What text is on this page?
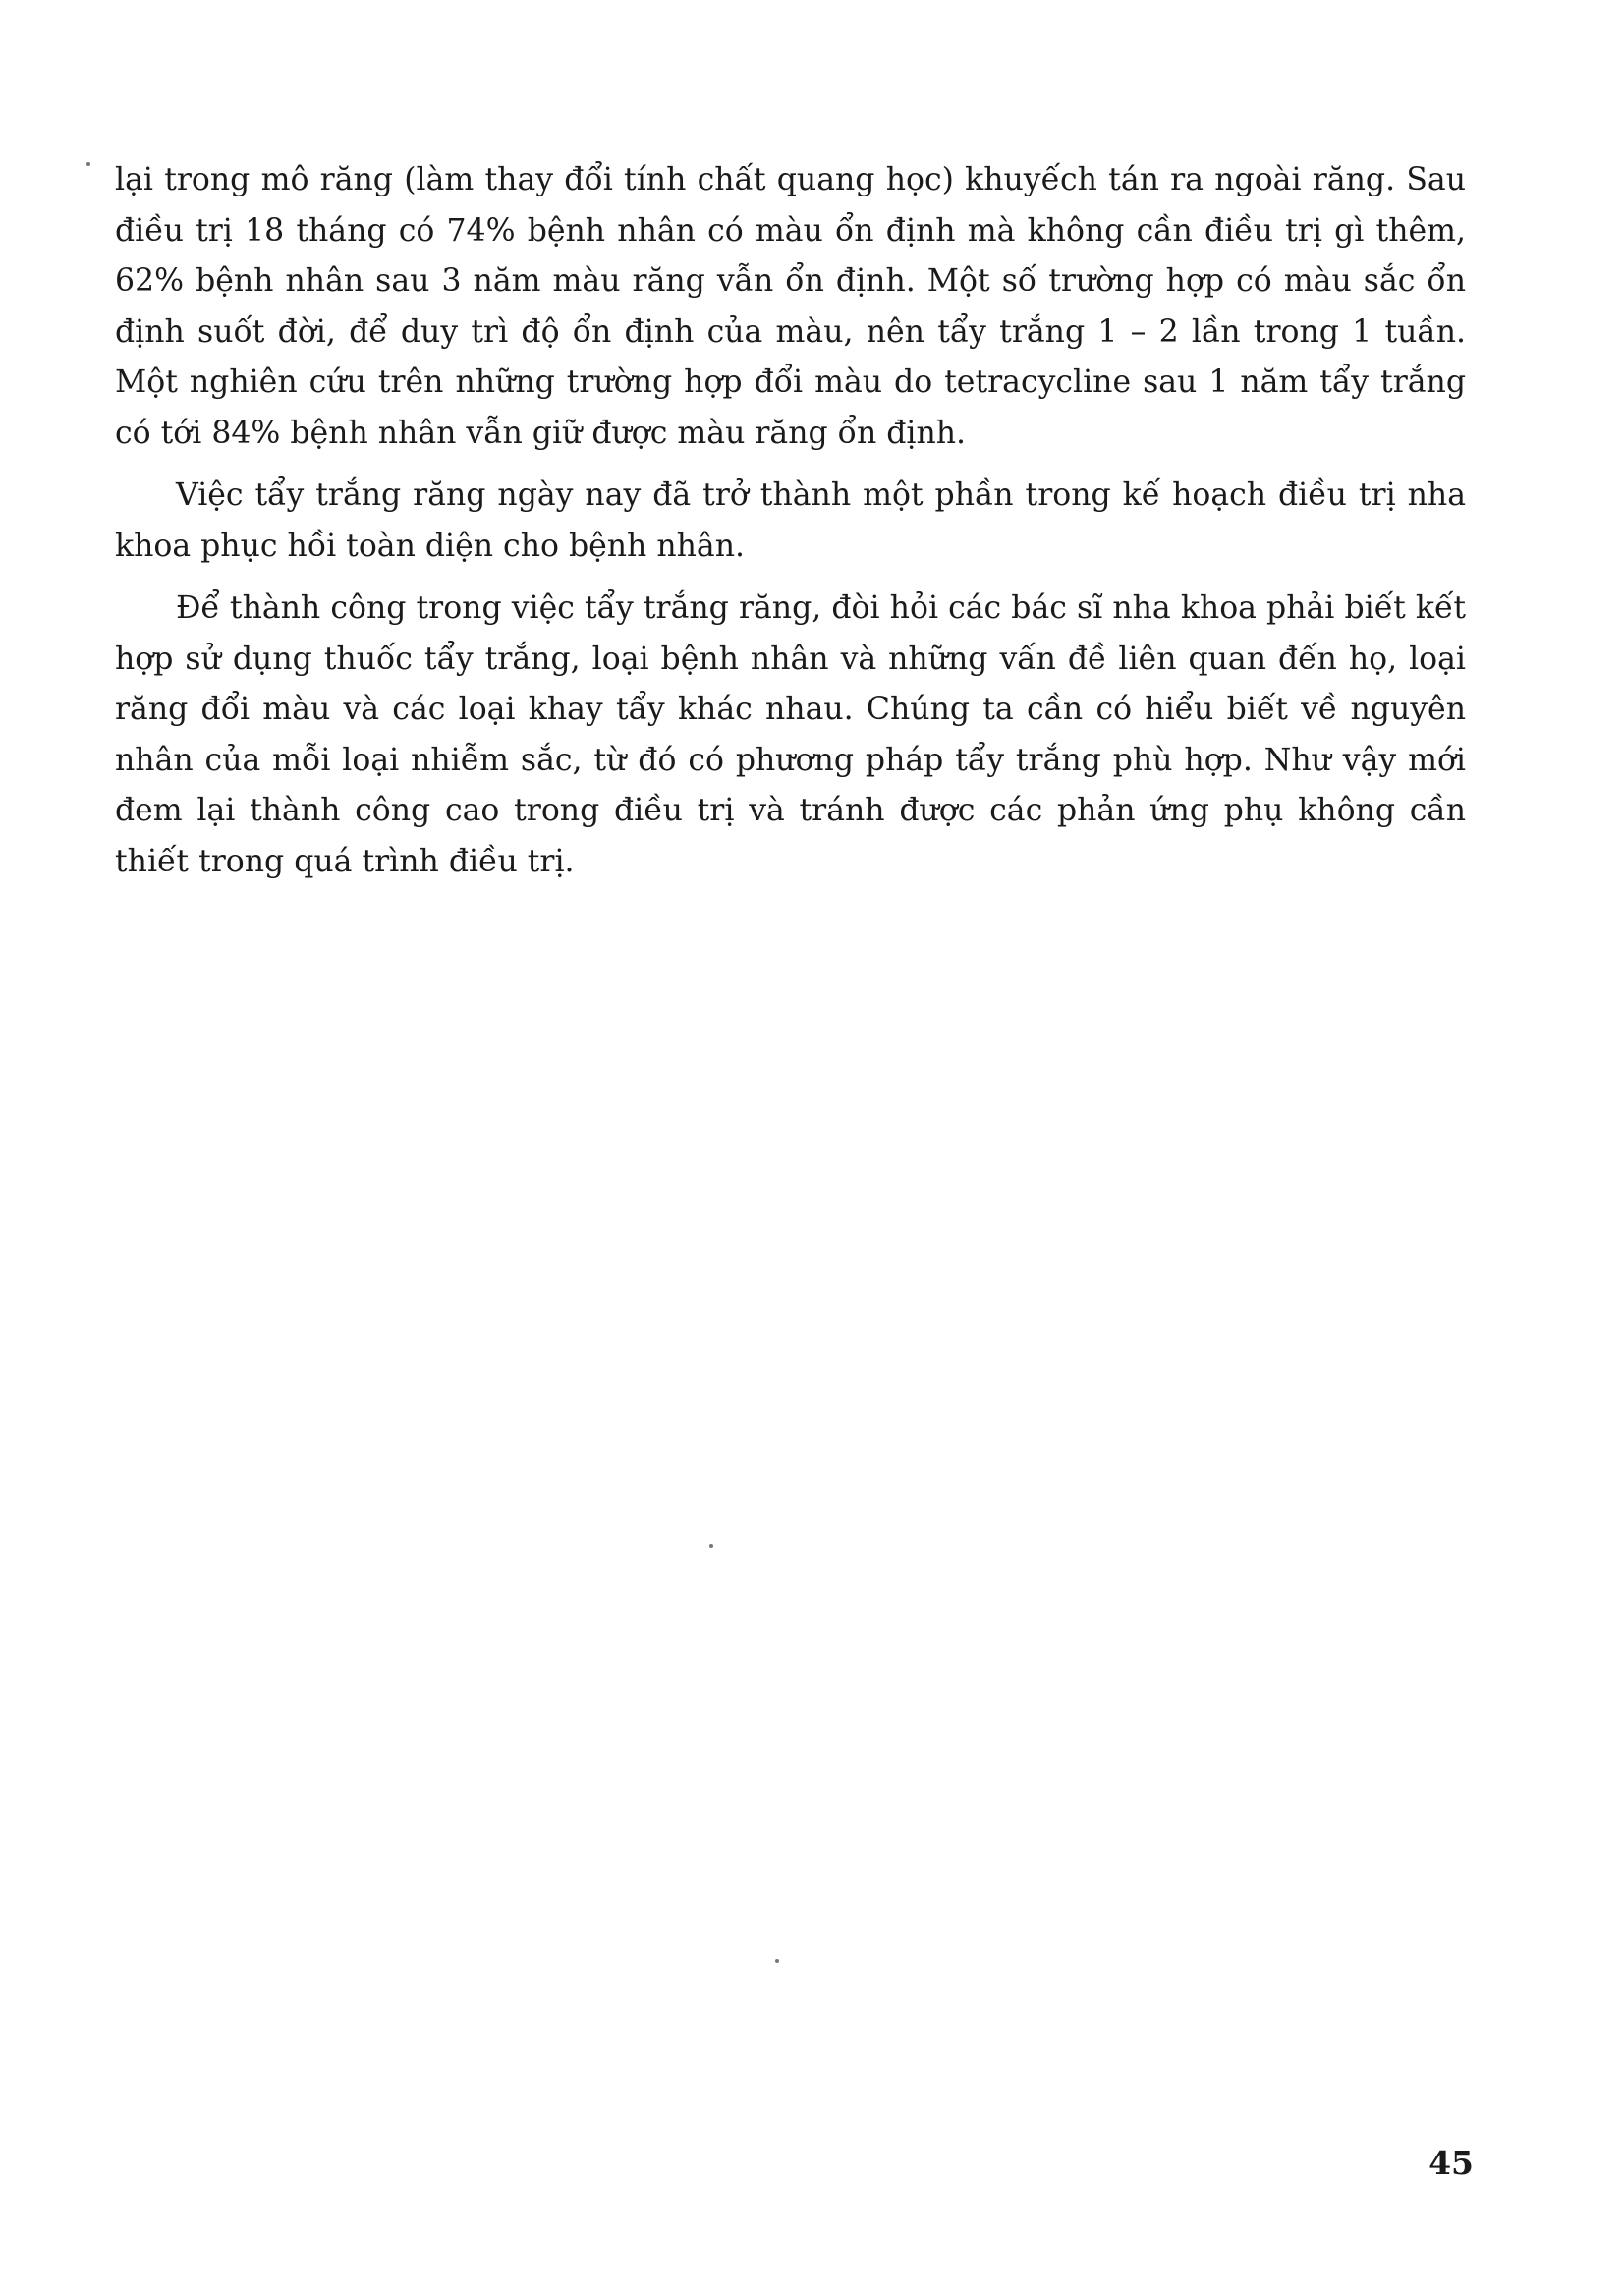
lại trong mô răng (làm thay đổi tính chất quang học) khuyếch tán ra ngoài răng. Sau điều trị 18 tháng có 74% bệnh nhân có màu ổn định mà không cần điều trị gì thêm, 62% bệnh nhân sau 3 năm màu răng vẫn ổn định. Một số trường hợp có màu sắc ổn định suốt đời, để duy trì độ ổn định của màu, nên tẩy trắng 1 – 2 lần trong 1 tuần. Một nghiên cứu trên những trường hợp đổi màu do tetracycline sau 1 năm tẩy trắng có tới 84% bệnh nhân vẫn giữ được màu răng ổn định.

Việc tẩy trắng răng ngày nay đã trở thành một phần trong kế hoạch điều trị nha khoa phục hồi toàn diện cho bệnh nhân.

Để thành công trong việc tẩy trắng răng, đòi hỏi các bác sĩ nha khoa phải biết kết hợp sử dụng thuốc tẩy trắng, loại bệnh nhân và những vấn đề liên quan đến họ, loại răng đổi màu và các loại khay tẩy khác nhau. Chúng ta cần có hiểu biết về nguyên nhân của mỗi loại nhiễm sắc, từ đó có phương pháp tẩy trắng phù hợp. Như vậy mới đem lại thành công cao trong điều trị và tránh được các phản ứng phụ không cần thiết trong quá trình điều trị.

45
